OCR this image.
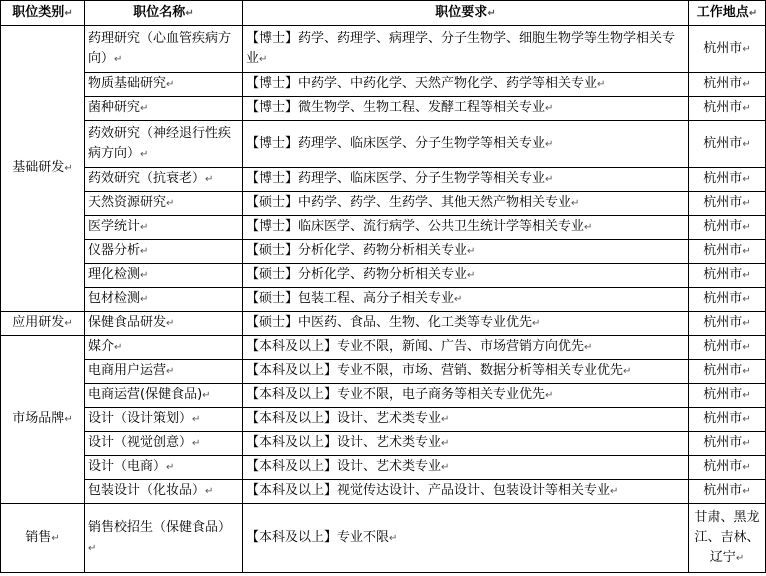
职位类别↵	职位名称↵	职位要求↵	工作地点↵
基础研发↵	药理研究（心血管疾病方向）↵	【博士】药学、药理学、病理学、分子生物学、细胞生物学等生物学相关专业↵	杭州市↵
	物质基础研究↵	【博士】中药学、中药化学、天然产物化学、药学等相关专业↵	杭州市↵
	菌种研究↵	【博士】微生物学、生物工程、发酵工程等相关专业↵	杭州市↵
	药效研究（神经退行性疾病方向）↵	【博士】药理学、临床医学、分子生物学等相关专业↵	杭州市↵
	药效研究（抗衰老）↵	【博士】药理学、临床医学、分子生物学等相关专业↵	杭州市↵
	天然资源研究↵	【硕士】中药学、药学、生药学、其他天然产物相关专业↵	杭州市↵
	医学统计↵	【博士】临床医学、流行病学、公共卫生统计学等相关专业↵	杭州市↵
	仪器分析↵	【硕士】分析化学、药物分析相关专业↵	杭州市↵
	理化检测↵	【硕士】分析化学、药物分析相关专业↵	杭州市↵
	包材检测↵	【硕士】包装工程、高分子相关专业↵	杭州市↵
应用研发↵	保健食品研发↵	【硕士】中医药、食品、生物、化工类等专业优先↵	杭州市↵
市场品牌↵	媒介↵	【本科及以上】专业不限，新闻、广告、市场营销方向优先↵	杭州市↵
	电商用户运营↵	【本科及以上】专业不限，市场、营销、数据分析等相关专业优先↵	杭州市↵
	电商运营(保健食品)↵	【本科及以上】专业不限，电子商务等相关专业优先↵	杭州市↵
	设计（设计策划）↵	【本科及以上】设计、艺术类专业↵	杭州市↵
	设计（视觉创意）↵	【本科及以上】设计、艺术类专业↵	杭州市↵
	设计（电商）↵	【本科及以上】设计、艺术类专业↵	杭州市↵
	包装设计（化妆品）↵	【本科及以上】视觉传达设计、产品设计、包装设计等相关专业↵	杭州市↵
销售↵	销售校招生（保健食品）↵	【本科及以上】专业不限↵	甘肃、黑龙江、吉林、辽宁↵
